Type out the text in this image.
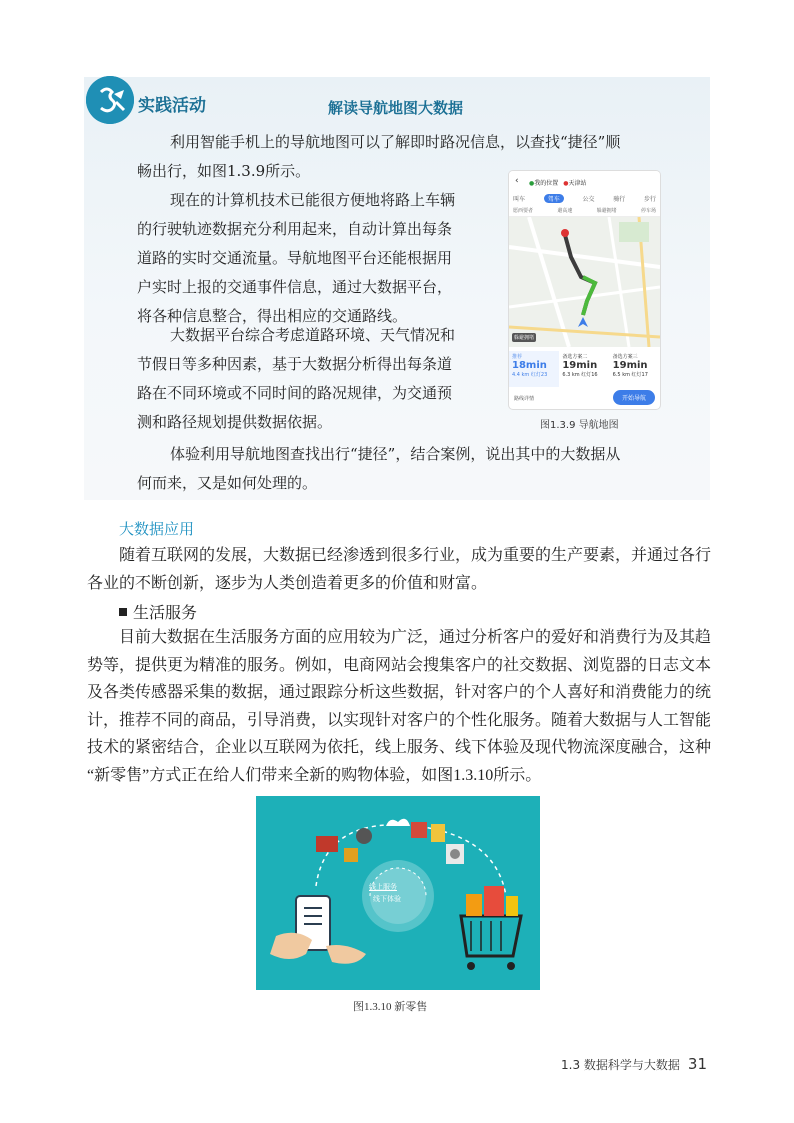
实践活动	解读导航地图大数据
利用智能手机上的导航地图可以了解即时路况信息，以查找“捷径”顺
畅出行，如图1.3.9所示。
现在的计算机技术已能很方便地将路上车辆
的行驶轨迹数据充分利用起来，自动计算出每条
道路的实时交通流量。导航地图平台还能根据用
户实时上报的交通事件信息，通过大数据平台，
将各种信息整合，得出相应的交通路线。
大数据平台综合考虑道路环境、天气情况和
节假日等多种因素，基于大数据分析得出每条道
路在不同环境或不同时间的路况规律，为交通预
测和路径规划提供数据依据。
体验利用导航地图查找出行“捷径”，结合案例，说出其中的大数据从
何而来，又是如何处理的。
‹ ●我的位置 ●天津站
叫车	驾车	公交	骑行	步行
愿西要者	避高速	躲避拥堵	停车场
躲避拥堵
推荐
18min
4.4 km 红灯23
备选方案二
19min
6.3 km 红灯16
备选方案三
19min
6.5 km 红灯17
路线详情	开始导航
图1.3.9 导航地图
大数据应用
随着互联网的发展，大数据已经渗透到很多行业，成为重要的生产要素，并通过各行
各业的不断创新，逐步为人类创造着更多的价值和财富。
生活服务
目前大数据在生活服务方面的应用较为广泛，通过分析客户的爱好和消费行为及其趋
势等，提供更为精准的服务。例如，电商网站会搜集客户的社交数据、浏览器的日志文本
及各类传感器采集的数据，通过跟踪分析这些数据，针对客户的个人喜好和消费能力的统
计，推荐不同的商品，引导消费，以实现针对客户的个性化服务。随着大数据与人工智能
技术的紧密结合，企业以互联网为依托，线上服务、线下体验及现代物流深度融合，这种
“新零售”方式正在给人们带来全新的购物体验，如图1.3.10所示。
线上服务
线下体验
图1.3.10 新零售
1.3 数据科学与大数据 31
